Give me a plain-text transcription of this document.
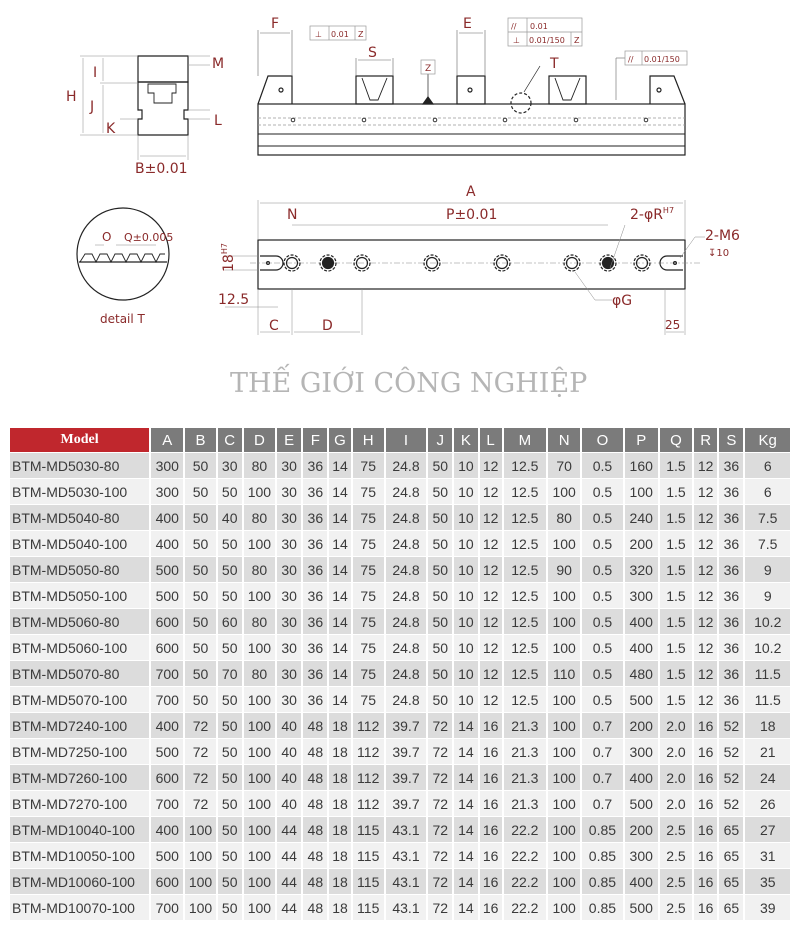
THẾ GIỚI CÔNG NGHIỆP
F
S
E
T
Z
⊥ 0.01 Z
// 0.01
⊥ 0.01/150 Z
// 0.01/150
H
I
J
K
M
L
B±0.01
O Q±0.005
detail T
A
N	P±0.01	$2-\varphi R^{H7}$
2-M6
↧10
$18^{H7}$
12.5
C	D
φG
25
Model	A	B	C	D	E	F	G	H	I	J	K	L	M	N	O	P	Q	R	S	Kg
BTM-MD5030-80	300	50	30	80	30	36	14	75	24.8	50	10	12	12.5	70	0.5	160	1.5	12	36	6
BTM-MD5030-100	300	50	50	100	30	36	14	75	24.8	50	10	12	12.5	100	0.5	100	1.5	12	36	6
BTM-MD5040-80	400	50	40	80	30	36	14	75	24.8	50	10	12	12.5	80	0.5	240	1.5	12	36	7.5
BTM-MD5040-100	400	50	50	100	30	36	14	75	24.8	50	10	12	12.5	100	0.5	200	1.5	12	36	7.5
BTM-MD5050-80	500	50	50	80	30	36	14	75	24.8	50	10	12	12.5	90	0.5	320	1.5	12	36	9
BTM-MD5050-100	500	50	50	100	30	36	14	75	24.8	50	10	12	12.5	100	0.5	300	1.5	12	36	9
BTM-MD5060-80	600	50	60	80	30	36	14	75	24.8	50	10	12	12.5	100	0.5	400	1.5	12	36	10.2
BTM-MD5060-100	600	50	50	100	30	36	14	75	24.8	50	10	12	12.5	100	0.5	400	1.5	12	36	10.2
BTM-MD5070-80	700	50	70	80	30	36	14	75	24.8	50	10	12	12.5	110	0.5	480	1.5	12	36	11.5
BTM-MD5070-100	700	50	50	100	30	36	14	75	24.8	50	10	12	12.5	100	0.5	500	1.5	12	36	11.5
BTM-MD7240-100	400	72	50	100	40	48	18	112	39.7	72	14	16	21.3	100	0.7	200	2.0	16	52	18
BTM-MD7250-100	500	72	50	100	40	48	18	112	39.7	72	14	16	21.3	100	0.7	300	2.0	16	52	21
BTM-MD7260-100	600	72	50	100	40	48	18	112	39.7	72	14	16	21.3	100	0.7	400	2.0	16	52	24
BTM-MD7270-100	700	72	50	100	40	48	18	112	39.7	72	14	16	21.3	100	0.7	500	2.0	16	52	26
BTM-MD10040-100	400	100	50	100	44	48	18	115	43.1	72	14	16	22.2	100	0.85	200	2.5	16	65	27
BTM-MD10050-100	500	100	50	100	44	48	18	115	43.1	72	14	16	22.2	100	0.85	300	2.5	16	65	31
BTM-MD10060-100	600	100	50	100	44	48	18	115	43.1	72	14	16	22.2	100	0.85	400	2.5	16	65	35
BTM-MD10070-100	700	100	50	100	44	48	18	115	43.1	72	14	16	22.2	100	0.85	500	2.5	16	65	39
